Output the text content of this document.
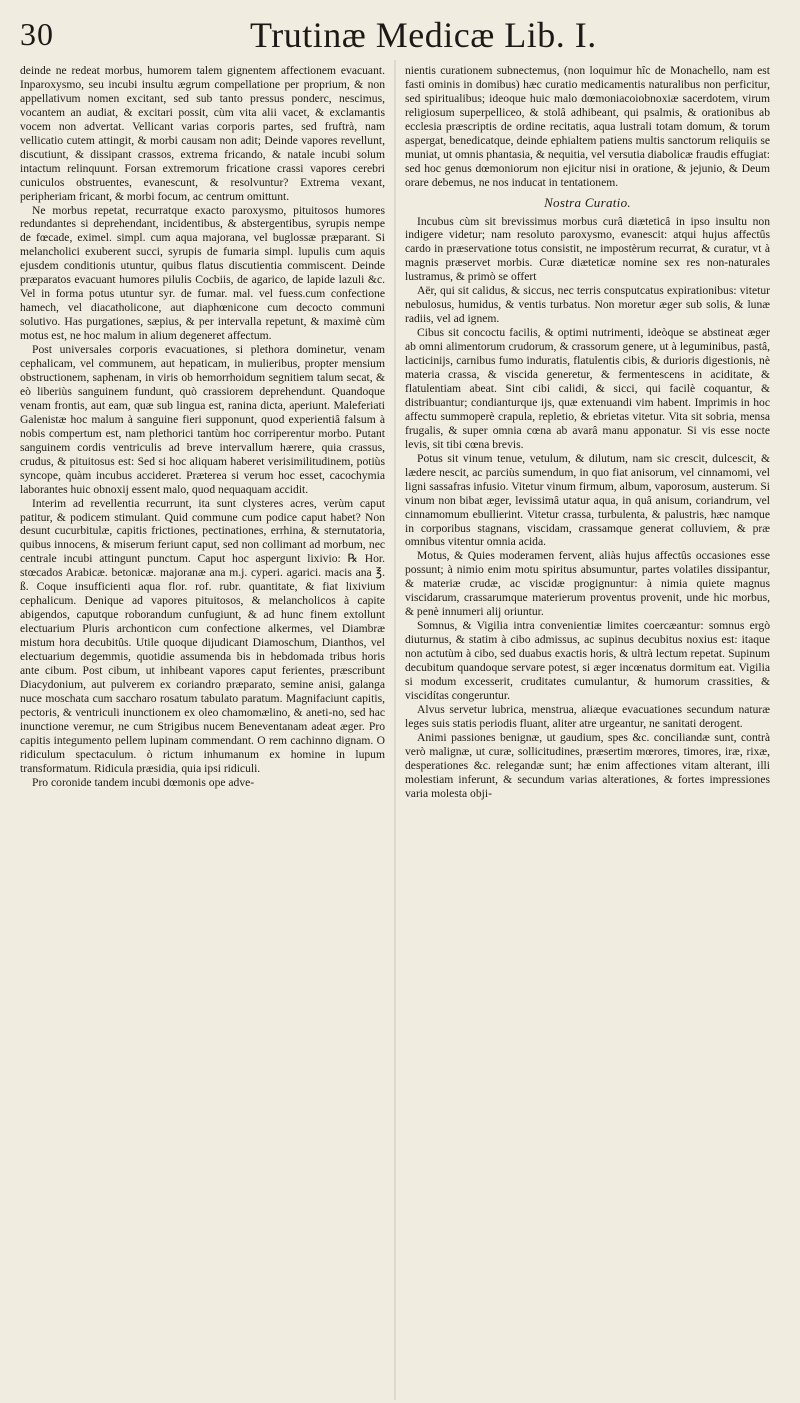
30	Trutinæ Medicæ Lib. I.

deinde ne redeat morbus, humorem talem gignentem affectionem evacuant. Inparoxysmo, seu incubi insultu ægrum compellatione per proprium, & non appellativum nomen excitant, sed sub tanto pressus ponderc, nescimus, vocantem an audiat, & excitari possit, cùm vita alii vacet, & exclamantis vocem non advertat. Vellicant varias corporis partes, sed fruftrà, nam vellicatio cutem attingit, & morbi causam non adit; Deinde vapores revellunt, discutiunt, & dissipant crassos, extrema fricando, & natale incubi solum intactum relinquunt. Forsan extremorum fricatione crassi vapores cerebri cuniculos obstruentes, evanescunt, & resolvuntur? Extrema vexant, peripheriam fricant, & morbi focum, ac centrum omittunt.

Ne morbus repetat, recurratque exacto paroxysmo, pituitosos humores redundantes si deprehendant, incidentibus, & abstergentibus, syrupis nempe de fœcade, eximel. simpl. cum aqua majorana, vel buglossæ præparant. Si melancholici exuberent succi, syrupis de fumaria simpl. lupulis cum aquis ejusdem conditionis utuntur, quibus flatus discutientia commiscent. Deinde præparatos evacuant humores pilulis Cocbiis, de agarico, de lapide lazuli &c. Vel in forma potus utuntur syr. de fumar. mal. vel fuess.cum confectione hamech, vel diacatholicone, aut diaphœnicone cum decocto communi solutivo. Has purgationes, sæpius, & per intervalla repetunt, & maximè cùm motus est, ne hoc malum in alium degeneret affectum.

Post universales corporis evacuationes, si plethora dominetur, venam cephalicam, vel communem, aut hepaticam, in mulieribus, propter mensium obstructionem, saphenam, in viris ob hemorrhoidum segnitiem talum secat, & eò liberiùs sanguinem fundunt, quò crassiorem deprehendunt. Quandoque venam frontis, aut eam, quæ sub lingua est, ranina dicta, aperiunt. Maleferiati Galenistæ hoc malum à sanguine fieri supponunt, quod experientiâ falsum à nobis compertum est, nam plethorici tantùm hoc corriperentur morbo. Putant sanguinem cordis ventriculis ad breve intervallum hærere, quia crassus, crudus, & pituitosus est: Sed si hoc aliquam haberet verisimilitudinem, potiùs syncope, quàm incubus accideret. Præterea si verum hoc esset, cacochymia laborantes huic obnoxij essent malo, quod nequaquam accidit.

Interim ad revellentia recurrunt, ita sunt clysteres acres, verùm caput patitur, & podicem stimulant. Quid commune cum podice caput habet? Non desunt cucurbitulæ, capitis frictiones, pectinationes, errhina, & sternutatoria, quibus innocens, & miserum feriunt caput, sed non collimant ad morbum, nec centrale incubi attingunt punctum. Caput hoc aspergunt lixivio: ℞ Hor. stœcados Arabicæ. betonicæ. majoranæ ana m.j. cyperi. agarici. macis ana ℥. ß. Coque insufficienti aqua flor. rof. rubr. quantitate, & fiat lixivium cephalicum. Denique ad vapores pituitosos, & melancholicos à capite abigendos, caputque roborandum cunfugiunt, & ad hunc finem extollunt electuarium Pluris archonticon cum confectione alkermes, vel Diambræ mistum hora decubitûs. Utile quoque dijudicant Diamoschum, Dianthos, vel electuarium degemmis, quotidie assumenda bis in hebdomada tribus horis ante cibum. Post cibum, ut inhibeant vapores caput ferientes, præscribunt Diacydonium, aut pulverem ex coriandro præparato, semine anisi, galanga nuce moschata cum saccharo rosatum tabulato paratum. Magnifaciunt capitis, pectoris, & ventriculi inunctionem ex oleo chamomælino, & aneti-no, sed hac inunctione veremur, ne cum Strigibus nucem Beneventanam adeat æger. Pro capitis integumento pellem lupinam commendant. O rem cachinno dignam. O ridiculum spectaculum. ò rictum inhumanum ex homine in lupum transformatum. Ridicula præsidia, quia ipsi ridiculi.

Pro coronide tandem incubi dœmonis ope adve-

nientis curationem subnectemus, (non loquimur hîc de Monachello, nam est fasti ominis in domibus) hæc curatio medicamentis naturalibus non perficitur, sed spiritualibus; ideoque huic malo dœmoniacoiobnoxiæ sacerdotem, virum religiosum superpelliceo, & stolâ adhibeant, qui psalmis, & orationibus ab ecclesia præscriptis de ordine recitatis, aqua lustrali totam domum, & torum aspergat, benedicatque, deinde ephialtem patiens multis sanctorum reliquiis se muniat, ut omnis phantasia, & nequitia, vel versutia diabolicæ fraudis effugiat: sed hoc genus dœmoniorum non ejicitur nisi in oratione, & jejunio, & Deum orare debemus, ne nos inducat in tentationem.

Nostra Curatio.

Incubus cùm sit brevissimus morbus curâ diæteticâ in ipso insultu non indigere videtur; nam resoluto paroxysmo, evanescit: atqui hujus affectûs cardo in præservatione totus consistit, ne impostèrum recurrat, & curatur, vt à magnis præservet morbis. Curæ diæteticæ nomine sex res non-naturales lustramus, & primò se offert

Aër, qui sit calidus, & siccus, nec terris consputcatus expirationibus: vitetur nebulosus, humidus, & ventis turbatus. Non moretur æger sub solis, & lunæ radiis, vel ad ignem.

Cibus sit concoctu facilis, & optimi nutrimenti, ideòque se abstineat æger ab omni alimentorum crudorum, & crassorum genere, ut à leguminibus, pastâ, lacticinijs, carnibus fumo induratis, flatulentis cibis, & durioris digestionis, nè materia crassa, & viscida generetur, & fermentescens in aciditate, & flatulentiam abeat. Sint cibi calidi, & sicci, qui facilè coquantur, & distribuantur; condianturque ijs, quæ extenuandi vim habent. Imprimis in hoc affectu summoperè crapula, repletio, & ebrietas vitetur. Vita sit sobria, mensa frugalis, & super omnia cœna ab avarâ manu apponatur. Si vis esse nocte levis, sit tibi cœna brevis.

Potus sit vinum tenue, vetulum, & dilutum, nam sic crescit, dulcescit, & lædere nescit, ac parciùs sumendum, in quo fiat anisorum, vel cinnamomi, vel ligni sassafras infusio. Vitetur vinum firmum, album, vaporosum, austerum. Si vinum non bibat æger, levissimâ utatur aqua, in quâ anisum, coriandrum, vel cinnamomum ebullierint. Vitetur crassa, turbulenta, & palustris, hæc namque in corporibus stagnans, viscidam, crassamque generat colluviem, & præ omnibus vitentur omnia acida.

Motus, & Quies moderamen fervent, aliàs hujus affectûs occasiones esse possunt; à nimio enim motu spiritus absumuntur, partes volatiles dissipantur, & materiæ crudæ, ac viscidæ progignuntur: à nimia quiete magnus viscidarum, crassarumque materierum proventus provenit, unde hic morbus, & penè innumeri alij oriuntur.

Somnus, & Vigilia intra convenientiæ limites coercæantur: somnus ergò diuturnus, & statim à cibo admissus, ac supinus decubitus noxius est: itaque non actutùm à cibo, sed duabus exactis horis, & ultrà lectum repetat. Supinum decubitum quandoque servare potest, si æger incœnatus dormitum eat. Vigilia si modum excesserit, cruditates cumulantur, & humorum crassities, & viscidítas congeruntur.

Alvus servetur lubrica, menstrua, aliæque evacuationes secundum naturæ leges suis statis periodis fluant, aliter atre urgeantur, ne sanitati derogent.

Animi passiones benignæ, ut gaudium, spes &c. conciliandæ sunt, contrà verò malignæ, ut curæ, sollicitudines, præsertim mœrores, timores, iræ, rixæ, desperationes &c. relegandæ sunt; hæ enim affectiones vitam alterant, illi molestiam inferunt, & secundum varias alterationes, & fortes impressiones varia molesta obji-
